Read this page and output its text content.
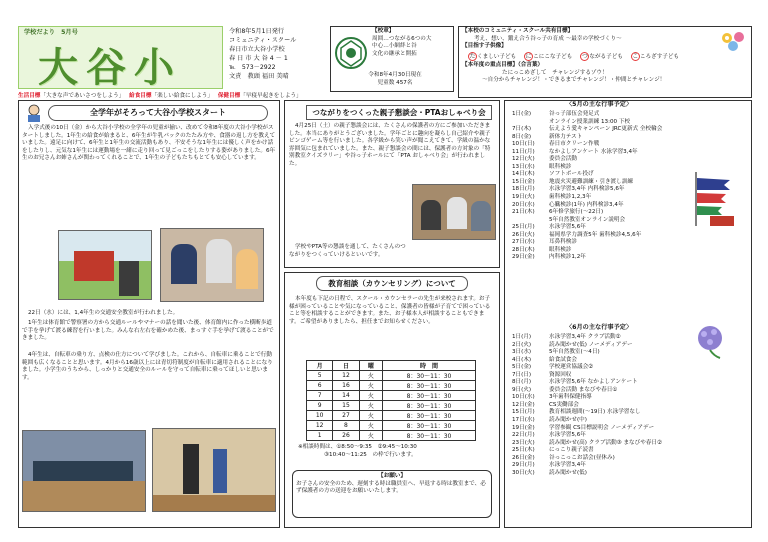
学校だより　5月号
大谷小
令和8年5月1日発行
コミュニティ・スクール
春日市立大谷小学校
春 日 市 大 谷 4 － 1
℡　573－2922
文責　教頭 福田 美晴
生活目標「大きな声であいさつをしよう」 給食目標「楽しい給食にしよう」 保健目標「早寝早起きをしよう」
【校章】
周囲…つながる6つの大
中心…小網絆と谷
文化の継承と開拓
令和8年4月30日現在
児童数 457名
【本校のコミュニティ・スクール共有目標】
考え、想い、鍛え合う谷っ子の育成 ～最幸の学校づくり～
【目指す子供像】
た くましい子ども に こにこな子ども つ ながる子ども こ ころざす子ども
【本年度の重点目標】（合言葉）
たにっこめざして　チャレンジするゾウ！
～自分からチャレンジ！・できるまでチャレンジ！・仲間とチャレンジ！
全学年がそろって大谷小学校スタート
入学式後の10日（金）から大谷小学校の全学年の児童が揃い、改めて令和8年度の大谷小学校がスタートしました。1年生の給食が始まると、6年生が牛乳パックのたたみ方や、食器の返し方を教えていました。遠足に向けて、6年生と1年生の交流活動もあり、不安そうな1年生には優しく声をかけ話をしたりし、元気な1年生には運動場を一緒に走り回って見ごっこをしたりする姿がありました。6年生のお兄さんお姉さんが関わってくれることで、1年生の子どもたちもとても安心しています。
22日（水）には、1,4年生の交通安全教室が行われました。
1年生は体育館で警察署の方から交通ルールやマナーの話を聞いた後、体育館内に作った横断歩道で手を挙げて渡る練習を行いました。みんな右左右を確かめた後、まっすぐ手を挙げて渡ることができました。
4年生は、自転車の乗り方、点検の仕方について学びました。これから、自転車に乗ることで行動範囲も広くなることと思います。4月から16歳以上には青切符制度が自転車に適用されることになりました。小学生のうちから、しっかりと交通安全のルールを守って自転車に乗ってほしいと思います。
つながりをつくった親子懇談会・PTAおしゃべり会
4月25日（土）の親子懇談会には、たくさんの保護者の方にご参加いただきました。本当にありがとうございました。学年ごとに趣向を凝らし自己紹介や親子ビンゴゲーム等を行いました。各学級から笑い声が聞こえてきて、学級の温かな雰囲気に包まれていました。また、親子懇談会の間には、保護者の方対象の「特別教室クイズラリー」や谷っ子ホールにて「PTA おしゃべり会」が行われました。
学校やPTA等の懇談を通して、たくさんのつながりをつくっていけるといいです。
教育相談（カウンセリング）について
本年度も下記の日程で、スクール・カウンセラーの先生が来校されます。お子様が困っていることや気になっていること、保護者の皆様が子育てで困っていること等を相談することができます。また、お子様本人が相談することもできます。ご希望がありましたら、担任までお知らせください。
月	日	曜	時　間
5	12	火	8：30～11：30
6	16	火	8：30～11：30
7	14	火	8：30～11：30
9	15	火	8：30～11：30
10	27	火	8：30～11：30
12	8	火	8：30～11：30
1	26	火	8：30～11：30
※相談時間は、①8:50～9:35　②9:45～10:30
③10:40～11:25　の枠で行います。
【お願い】
お子さんの安全のため、遅刻する時は職員室へ、早退する時は教室まで、必ず保護者の方の送迎をお願いいたします。
〈5月の主な行事予定〉
1日(金)	谷っ子部伍会発足式
オンライン授業訓練 13:00 下校
7日(木)	伝えよう愛キャンペーン JRC更新式 全校輪会
8日(金)	新体力テスト
10日(日)	春日市クリーン作戦
11日(月)	なかよしアンケート 水泳学習3,4年
12日(火)	委員会活動
13日(水)	眼科検診
14日(木)	ソフトボール投げ
15日(金)	地震火災避難訓練・引き渡し訓練
18日(月)	水泳学習3,4年 内科検診5,6年
19日(火)	歯科検診1,2,3年
20日(水)	心臓検診(1年) 内科検診3,4年
21日(木)	6年修学旅行(～22日)
5年自然教室オンライン説明会
25日(月)	水泳学習5,6年
26日(火)	福岡県学力調査5年 歯科検診4,5,6年
27日(水)	耳鼻科検診
28日(木)	眼科検診
29日(金)	内科検診1,2年
〈6月の主な行事予定〉
1日(月)	水泳学習3,4年 クラブ活動②
2日(火)	読み聞かせ(低) ノーメディアデー
3日(水)	5年自然教室(～4日)
4日(木)	給食試食会
5日(金)	学校運営協議会②
7日(日)	資源回収
8日(月)	水泳学習5,6年 なかよしアンケート
9日(火)	委員会活動 まなびや春日①
10日(水)	3年歯科保健指導
12日(金)	CS実働部会
15日(月)	教育相談週間(～19日) 水泳学習なし
17日(水)	読み聞かせ(中)
19日(金)	学習参観 CS目標説明会 ノーメディアデー
22日(月)	水泳学習5,6年
23日(火)	読み聞かせ(高) クラブ活動③ まなびや春日②
25日(木)	にっこり親子読書
26日(金)	谷っこっこお話会(昼休み)
29日(月)	水泳学習3,4年
30日(火)	読み聞かせ(低)
